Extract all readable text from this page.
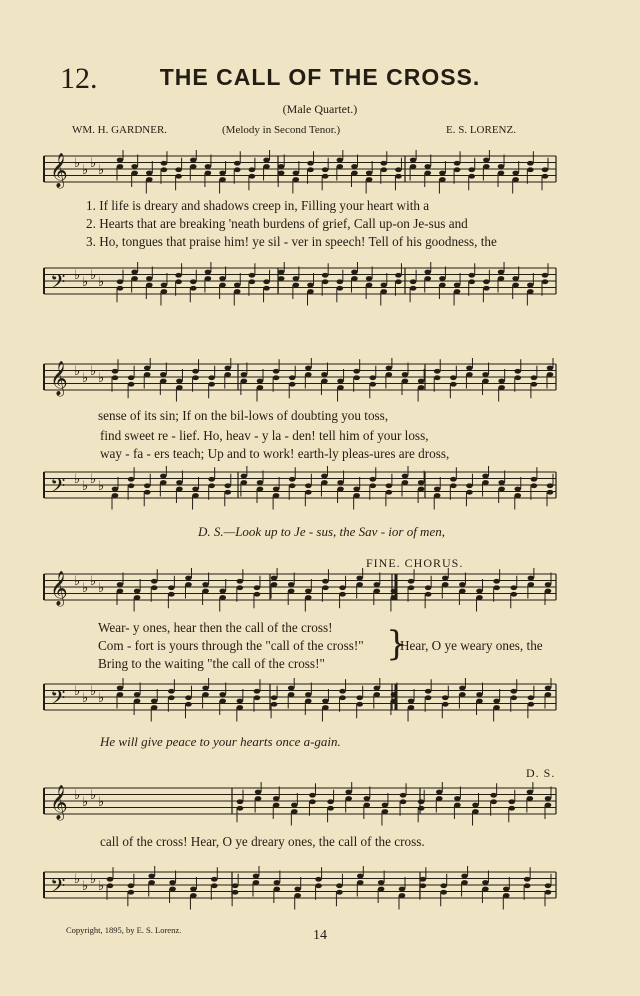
12.	THE CALL OF THE CROSS.
(Male Quartet.)
WM. H. GARDNER.	(Melody in Second Tenor.)	E. S. LORENZ.
𝄞 ♭ ♭ ♭ ♭
1. If life is dreary and shadows creep in, Filling your heart with a
2. Hearts that are breaking 'neath burdens of grief, Call up-on Je-sus and
3. Ho, tongues that praise him! ye sil - ver in speech! Tell of his goodness, the
𝄢 ♭ ♭ ♭ ♭
𝄞 ♭ ♭ ♭ ♭
sense of its sin; If on the bil-lows of doubting you toss,
find sweet re - lief. Ho, heav - y la - den! tell him of your loss,
way - fa - ers teach; Up and to work! earth-ly pleas-ures are dross,
𝄢 ♭ ♭ ♭ ♭
D. S.—Look up to Je - sus, the Sav - ior of men,
FINE. CHORUS.
𝄞 ♭ ♭ ♭ ♭
Wear- y ones, hear then the call of the cross!
Com - fort is yours through the "call of the cross!"
Bring to the waiting "the call of the cross!" }
Hear, O ye weary ones, the
𝄢 ♭ ♭ ♭ ♭
He will give peace to your hearts once a-gain.
D. S.
𝄞 ♭ ♭ ♭ ♭
call of the cross! Hear, O ye dreary ones, the call of the cross.
𝄢 ♭ ♭ ♭ ♭
Copyright, 1895, by E. S. Lorenz.	14
